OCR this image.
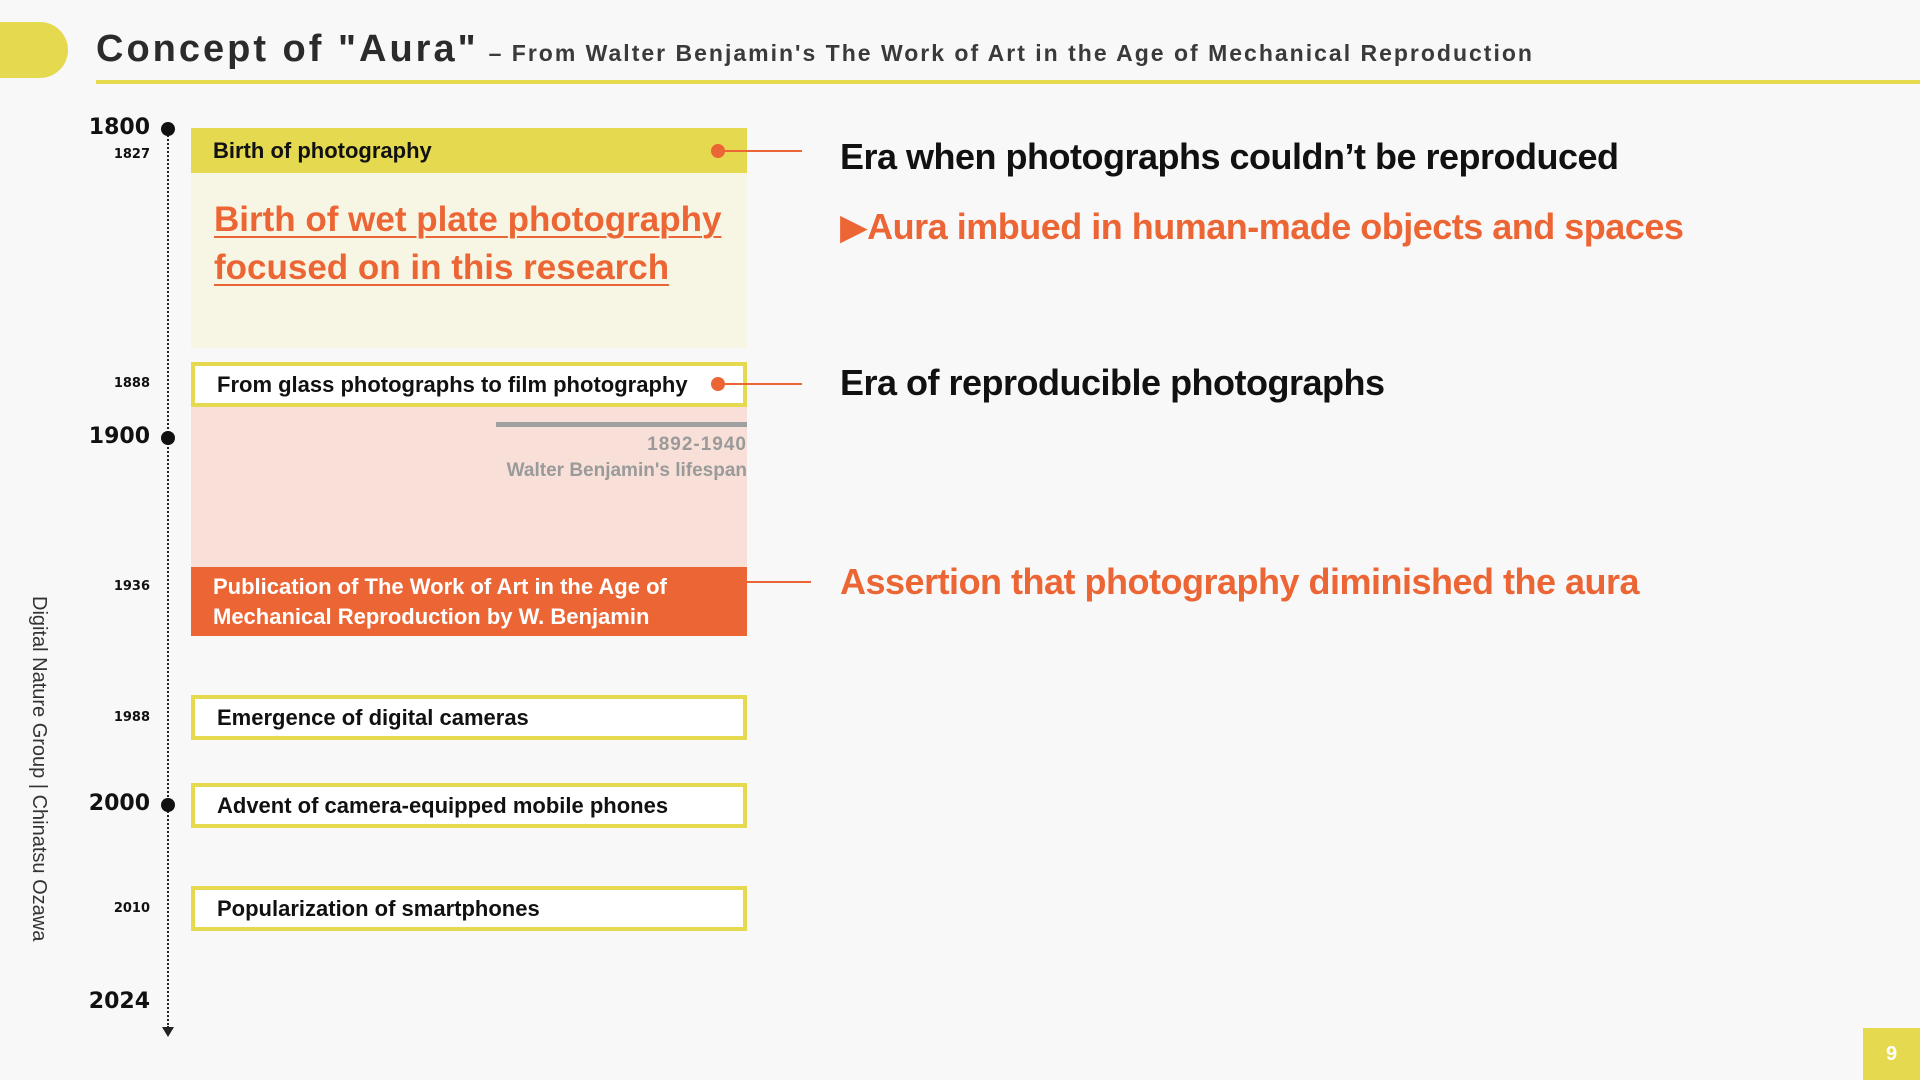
Concept of "Aura" – From Walter Benjamin's The Work of Art in the Age of Mechanical Reproduction
Digital Nature Group | Chinatsu Ozawa
1800
1827
1888
1900
1936
1988
2000
2010
2024
Birth of photography
Birth of wet plate photography
focused on in this research
From glass photographs to film photography
1892-1940
Walter Benjamin's lifespan
Publication of The Work of Art in the Age of
Mechanical Reproduction by W. Benjamin
Emergence of digital cameras
Advent of camera-equipped mobile phones
Popularization of smartphones
Era when photographs couldn’t be reproduced
▶Aura imbued in human-made objects and spaces
Era of reproducible photographs
Assertion that photography diminished the aura
9
